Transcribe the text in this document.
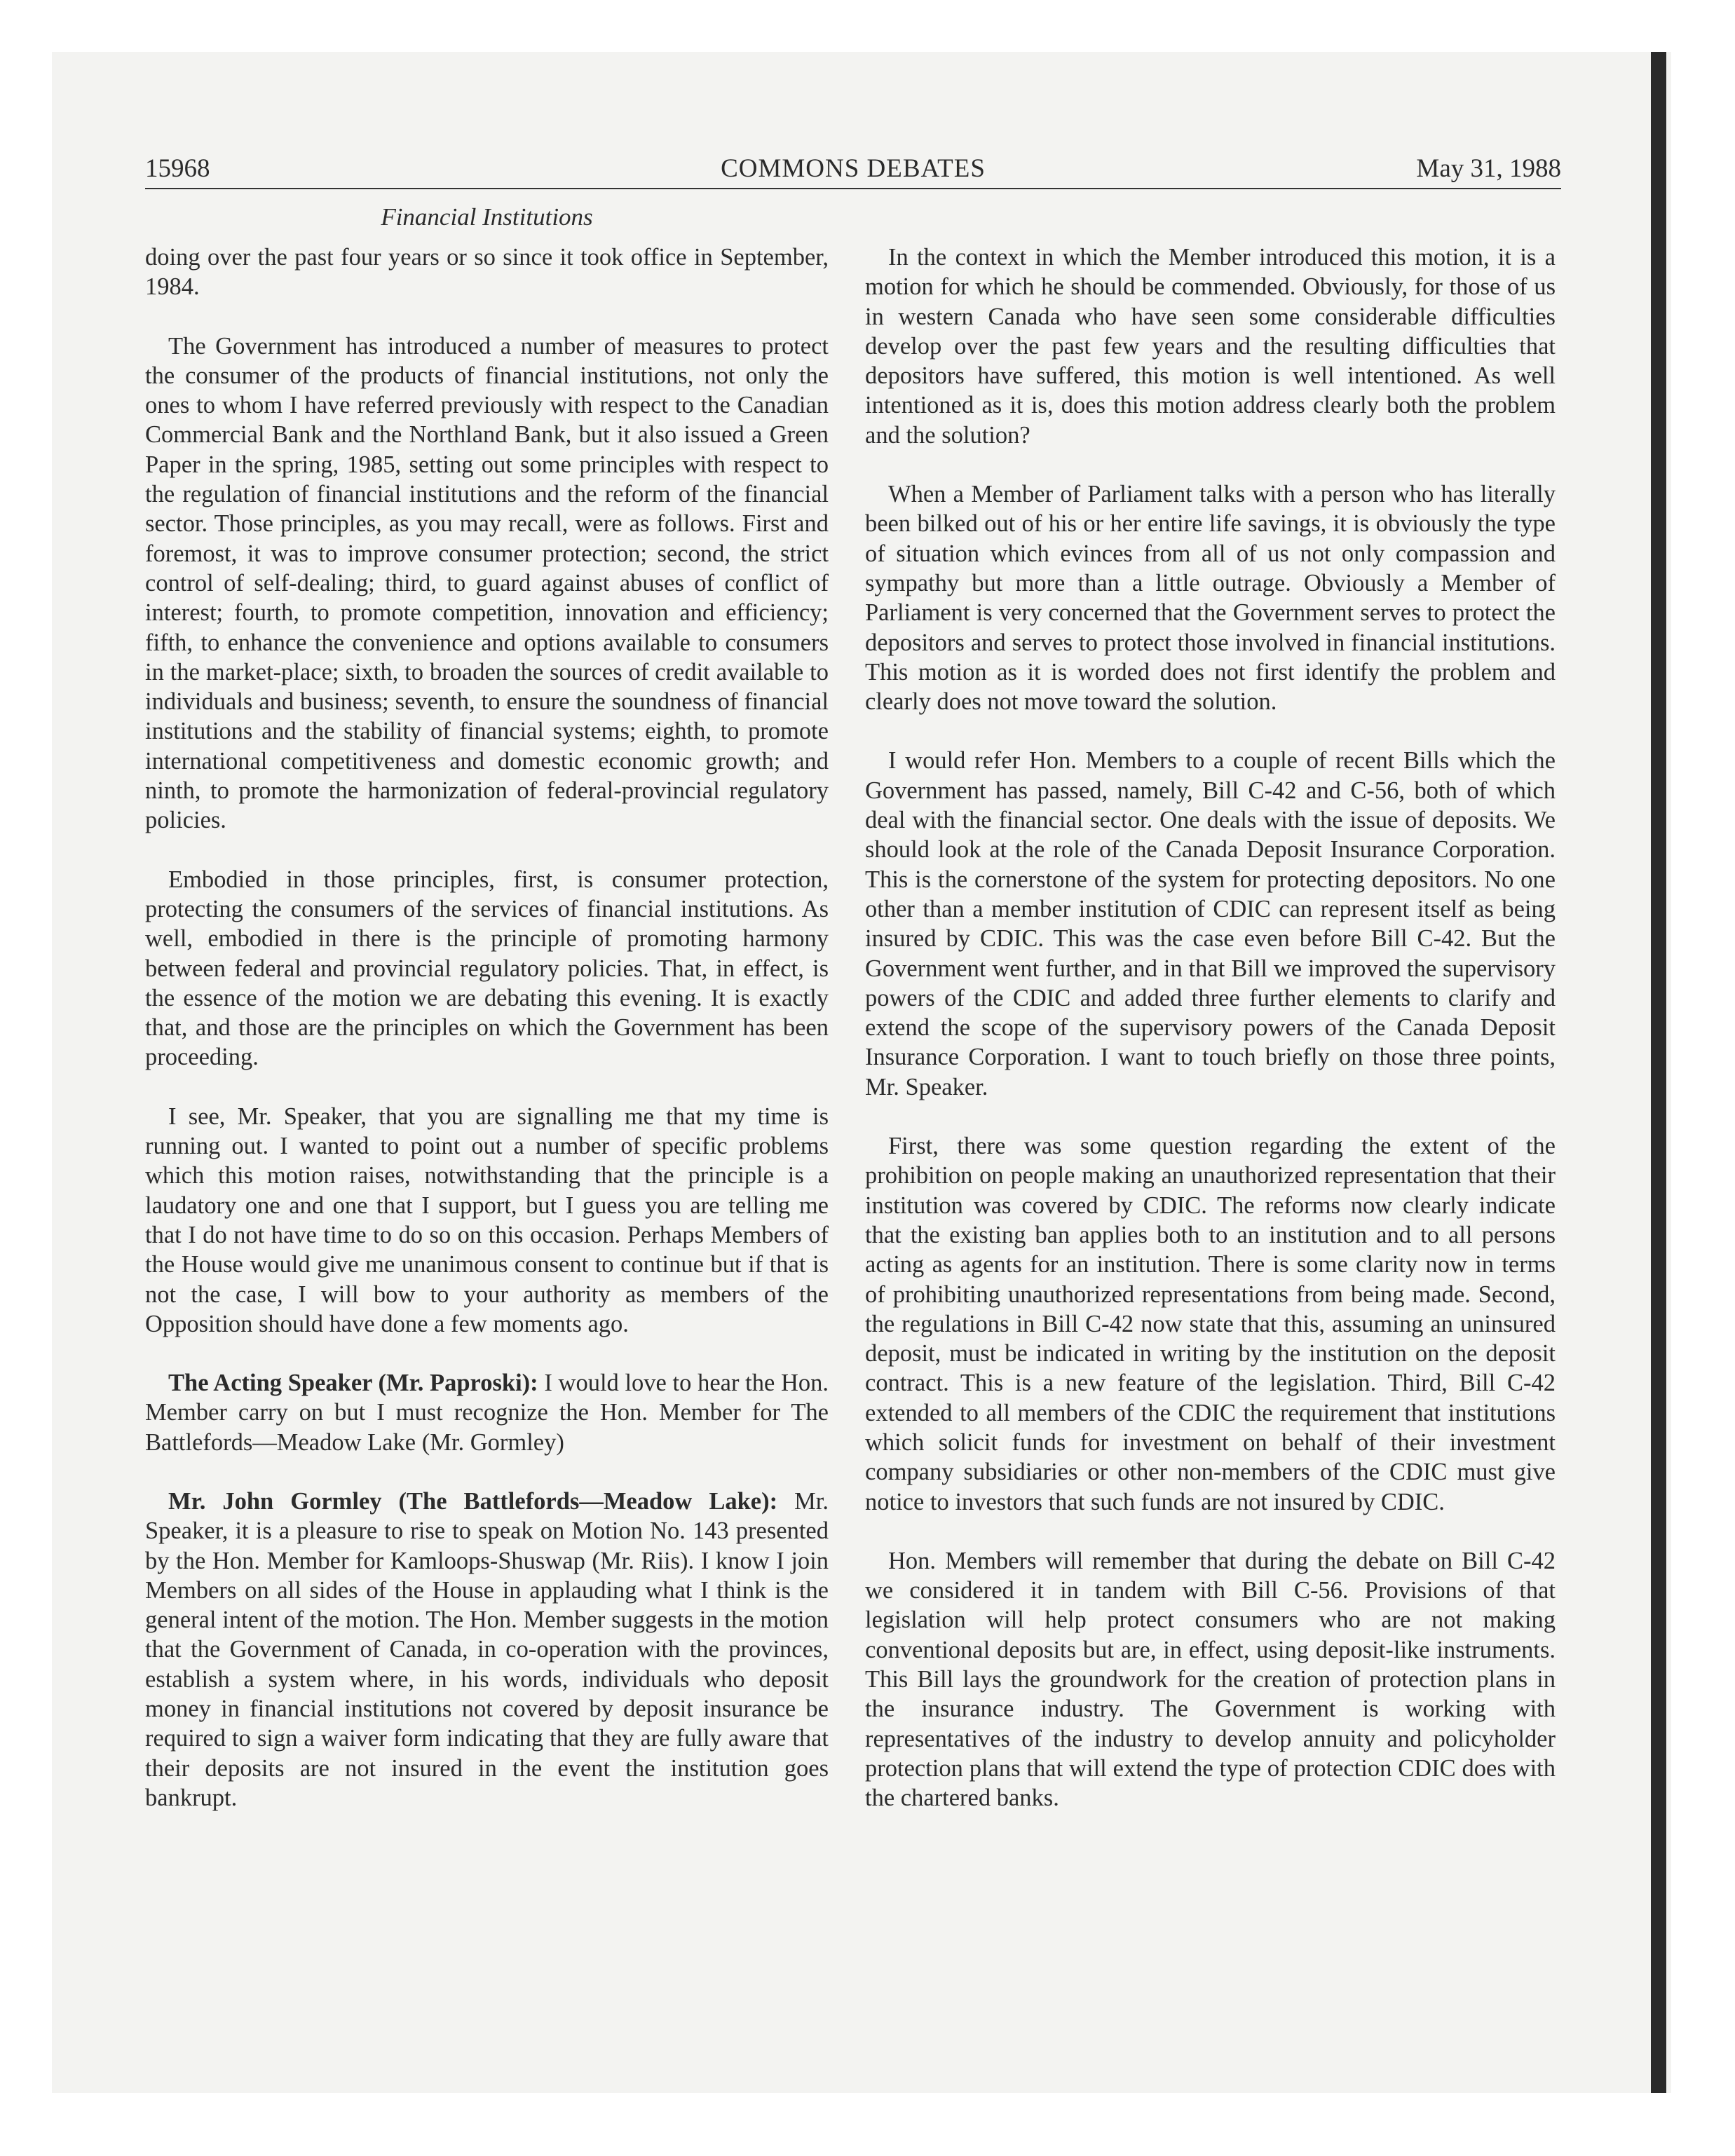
15968	COMMONS DEBATES	May 31, 1988
Financial Institutions

doing over the past four years or so since it took office in September, 1984.

The Government has introduced a number of measures to protect the consumer of the products of financial institutions, not only the ones to whom I have referred previously with respect to the Canadian Commercial Bank and the Northland Bank, but it also issued a Green Paper in the spring, 1985, setting out some principles with respect to the regulation of financial institutions and the reform of the financial sector. Those principles, as you may recall, were as follows. First and foremost, it was to improve consumer protection; second, the strict control of self-dealing; third, to guard against abuses of conflict of interest; fourth, to promote competition, innovation and efficiency; fifth, to enhance the convenience and options available to consumers in the market-place; sixth, to broaden the sources of credit available to individuals and business; seventh, to ensure the soundness of financial institutions and the stability of financial systems; eighth, to promote international competitiveness and domestic economic growth; and ninth, to promote the harmonization of federal-provincial regulatory policies.

Embodied in those principles, first, is consumer protection, protecting the consumers of the services of financial institutions. As well, embodied in there is the principle of promoting harmony between federal and provincial regulatory policies. That, in effect, is the essence of the motion we are debating this evening. It is exactly that, and those are the principles on which the Government has been proceeding.

I see, Mr. Speaker, that you are signalling me that my time is running out. I wanted to point out a number of specific problems which this motion raises, notwithstanding that the principle is a laudatory one and one that I support, but I guess you are telling me that I do not have time to do so on this occasion. Perhaps Members of the House would give me unanimous consent to continue but if that is not the case, I will bow to your authority as members of the Opposition should have done a few moments ago.

The Acting Speaker (Mr. Paproski): I would love to hear the Hon. Member carry on but I must recognize the Hon. Member for The Battlefords—Meadow Lake (Mr. Gormley)

Mr. John Gormley (The Battlefords—Meadow Lake): Mr. Speaker, it is a pleasure to rise to speak on Motion No. 143 presented by the Hon. Member for Kamloops-Shuswap (Mr. Riis). I know I join Members on all sides of the House in applauding what I think is the general intent of the motion. The Hon. Member suggests in the motion that the Government of Canada, in co-operation with the provinces, establish a system where, in his words, individuals who deposit money in financial institutions not covered by deposit insurance be required to sign a waiver form indicating that they are fully aware that their deposits are not insured in the event the institution goes bankrupt.

In the context in which the Member introduced this motion, it is a motion for which he should be commended. Obviously, for those of us in western Canada who have seen some considerable difficulties develop over the past few years and the resulting difficulties that depositors have suffered, this motion is well intentioned. As well intentioned as it is, does this motion address clearly both the problem and the solution?

When a Member of Parliament talks with a person who has literally been bilked out of his or her entire life savings, it is obviously the type of situation which evinces from all of us not only compassion and sympathy but more than a little outrage. Obviously a Member of Parliament is very concerned that the Government serves to protect the depositors and serves to protect those involved in financial institutions. This motion as it is worded does not first identify the problem and clearly does not move toward the solution.

I would refer Hon. Members to a couple of recent Bills which the Government has passed, namely, Bill C-42 and C-56, both of which deal with the financial sector. One deals with the issue of deposits. We should look at the role of the Canada Deposit Insurance Corporation. This is the cornerstone of the system for protecting depositors. No one other than a member institution of CDIC can represent itself as being insured by CDIC. This was the case even before Bill C-42. But the Government went further, and in that Bill we improved the supervisory powers of the CDIC and added three further elements to clarify and extend the scope of the supervisory powers of the Canada Deposit Insurance Corporation. I want to touch briefly on those three points, Mr. Speaker.

First, there was some question regarding the extent of the prohibition on people making an unauthorized representation that their institution was covered by CDIC. The reforms now clearly indicate that the existing ban applies both to an institution and to all persons acting as agents for an institution. There is some clarity now in terms of prohibiting unauthorized representations from being made. Second, the regulations in Bill C-42 now state that this, assuming an uninsured deposit, must be indicated in writing by the institution on the deposit contract. This is a new feature of the legislation. Third, Bill C-42 extended to all members of the CDIC the requirement that institutions which solicit funds for investment on behalf of their investment company subsidiaries or other non-members of the CDIC must give notice to investors that such funds are not insured by CDIC.

Hon. Members will remember that during the debate on Bill C-42 we considered it in tandem with Bill C-56. Provisions of that legislation will help protect consumers who are not making conventional deposits but are, in effect, using deposit-like instruments. This Bill lays the groundwork for the creation of protection plans in the insurance industry. The Government is working with representatives of the industry to develop annuity and policyholder protection plans that will extend the type of protection CDIC does with the chartered banks.
